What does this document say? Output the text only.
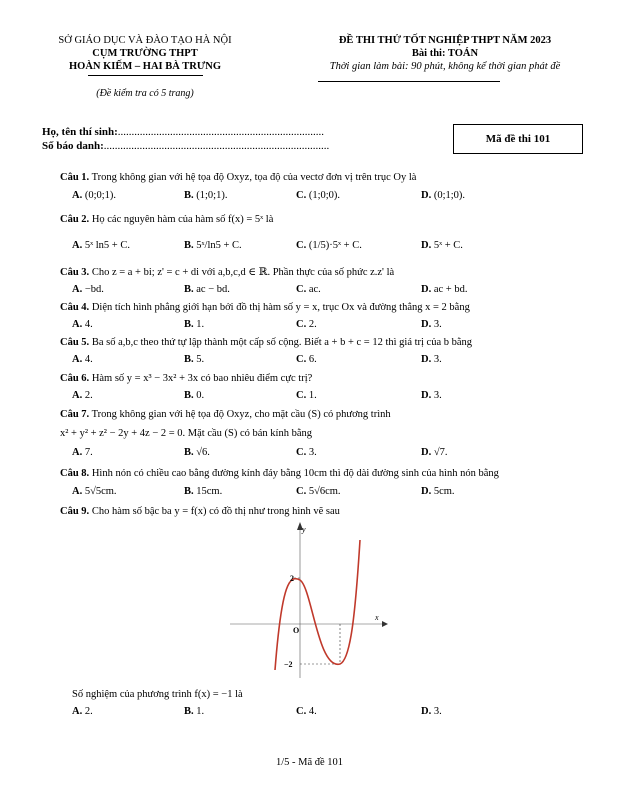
SỞ GIÁO DỤC VÀ ĐÀO TẠO HÀ NỘI
CỤM TRƯỜNG THPT
HOÀN KIẾM – HAI BÀ TRƯNG
(Đề kiểm tra có 5 trang)
ĐỀ THI THỬ TỐT NGHIỆP THPT NĂM 2023
Bài thi: TOÁN
Thời gian làm bài: 90 phút, không kể thời gian phát đề
Họ, tên thí sinh:...........................................................................
Số báo danh:..................................................................................
Mã đề thi 101
Câu 1. Trong không gian với hệ tọa độ Oxyz, tọa độ của vectơ đơn vị trên trục Oy là
A. (0;0;1).	B. (1;0;1).	C. (1;0;0).	D. (0;1;0).
Câu 2. Họ các nguyên hàm của hàm số f(x) = 5ˣ là
A. 5ˣ ln5 + C.	B. 5ˣ/ln5 + C.	C. (1/5)·5ˣ + C.	D. 5ˣ + C.
Câu 3. Cho z = a + bi; z' = c + di với a,b,c,d ∈ ℝ. Phần thực của số phức z.z' là
A. −bd.	B. ac − bd.	C. ac.	D. ac + bd.
Câu 4. Diện tích hình phẳng giới hạn bởi đồ thị hàm số y = x, trục Ox và đường thẳng x = 2 bằng
A. 4.	B. 1.	C. 2.	D. 3.
Câu 5. Ba số a,b,c theo thứ tự lập thành một cấp số cộng. Biết a + b + c = 12 thì giá trị của b bằng
A. 4.	B. 5.	C. 6.	D. 3.
Câu 6. Hàm số y = x³ − 3x² + 3x có bao nhiêu điểm cực trị?
A. 2.	B. 0.	C. 1.	D. 3.
Câu 7. Trong không gian với hệ tọa độ Oxyz, cho mặt cầu (S) có phương trình
x² + y² + z² − 2y + 4z − 2 = 0. Mặt cầu (S) có bán kính bằng
A. 7.	B. √6.	C. 3.	D. √7.
Câu 8. Hình nón có chiều cao bằng đường kính đáy bằng 10cm thì độ dài đường sinh của hình nón bằng
A. 5√5cm.	B. 15cm.	C. 5√6cm.	D. 5cm.
Câu 9. Cho hàm số bậc ba y = f(x) có đồ thị như trong hình vẽ sau
y
x
O
2
−2
Số nghiệm của phương trình f(x) = −1 là
A. 2.	B. 1.	C. 4.	D. 3.
1/5 - Mã đề 101
